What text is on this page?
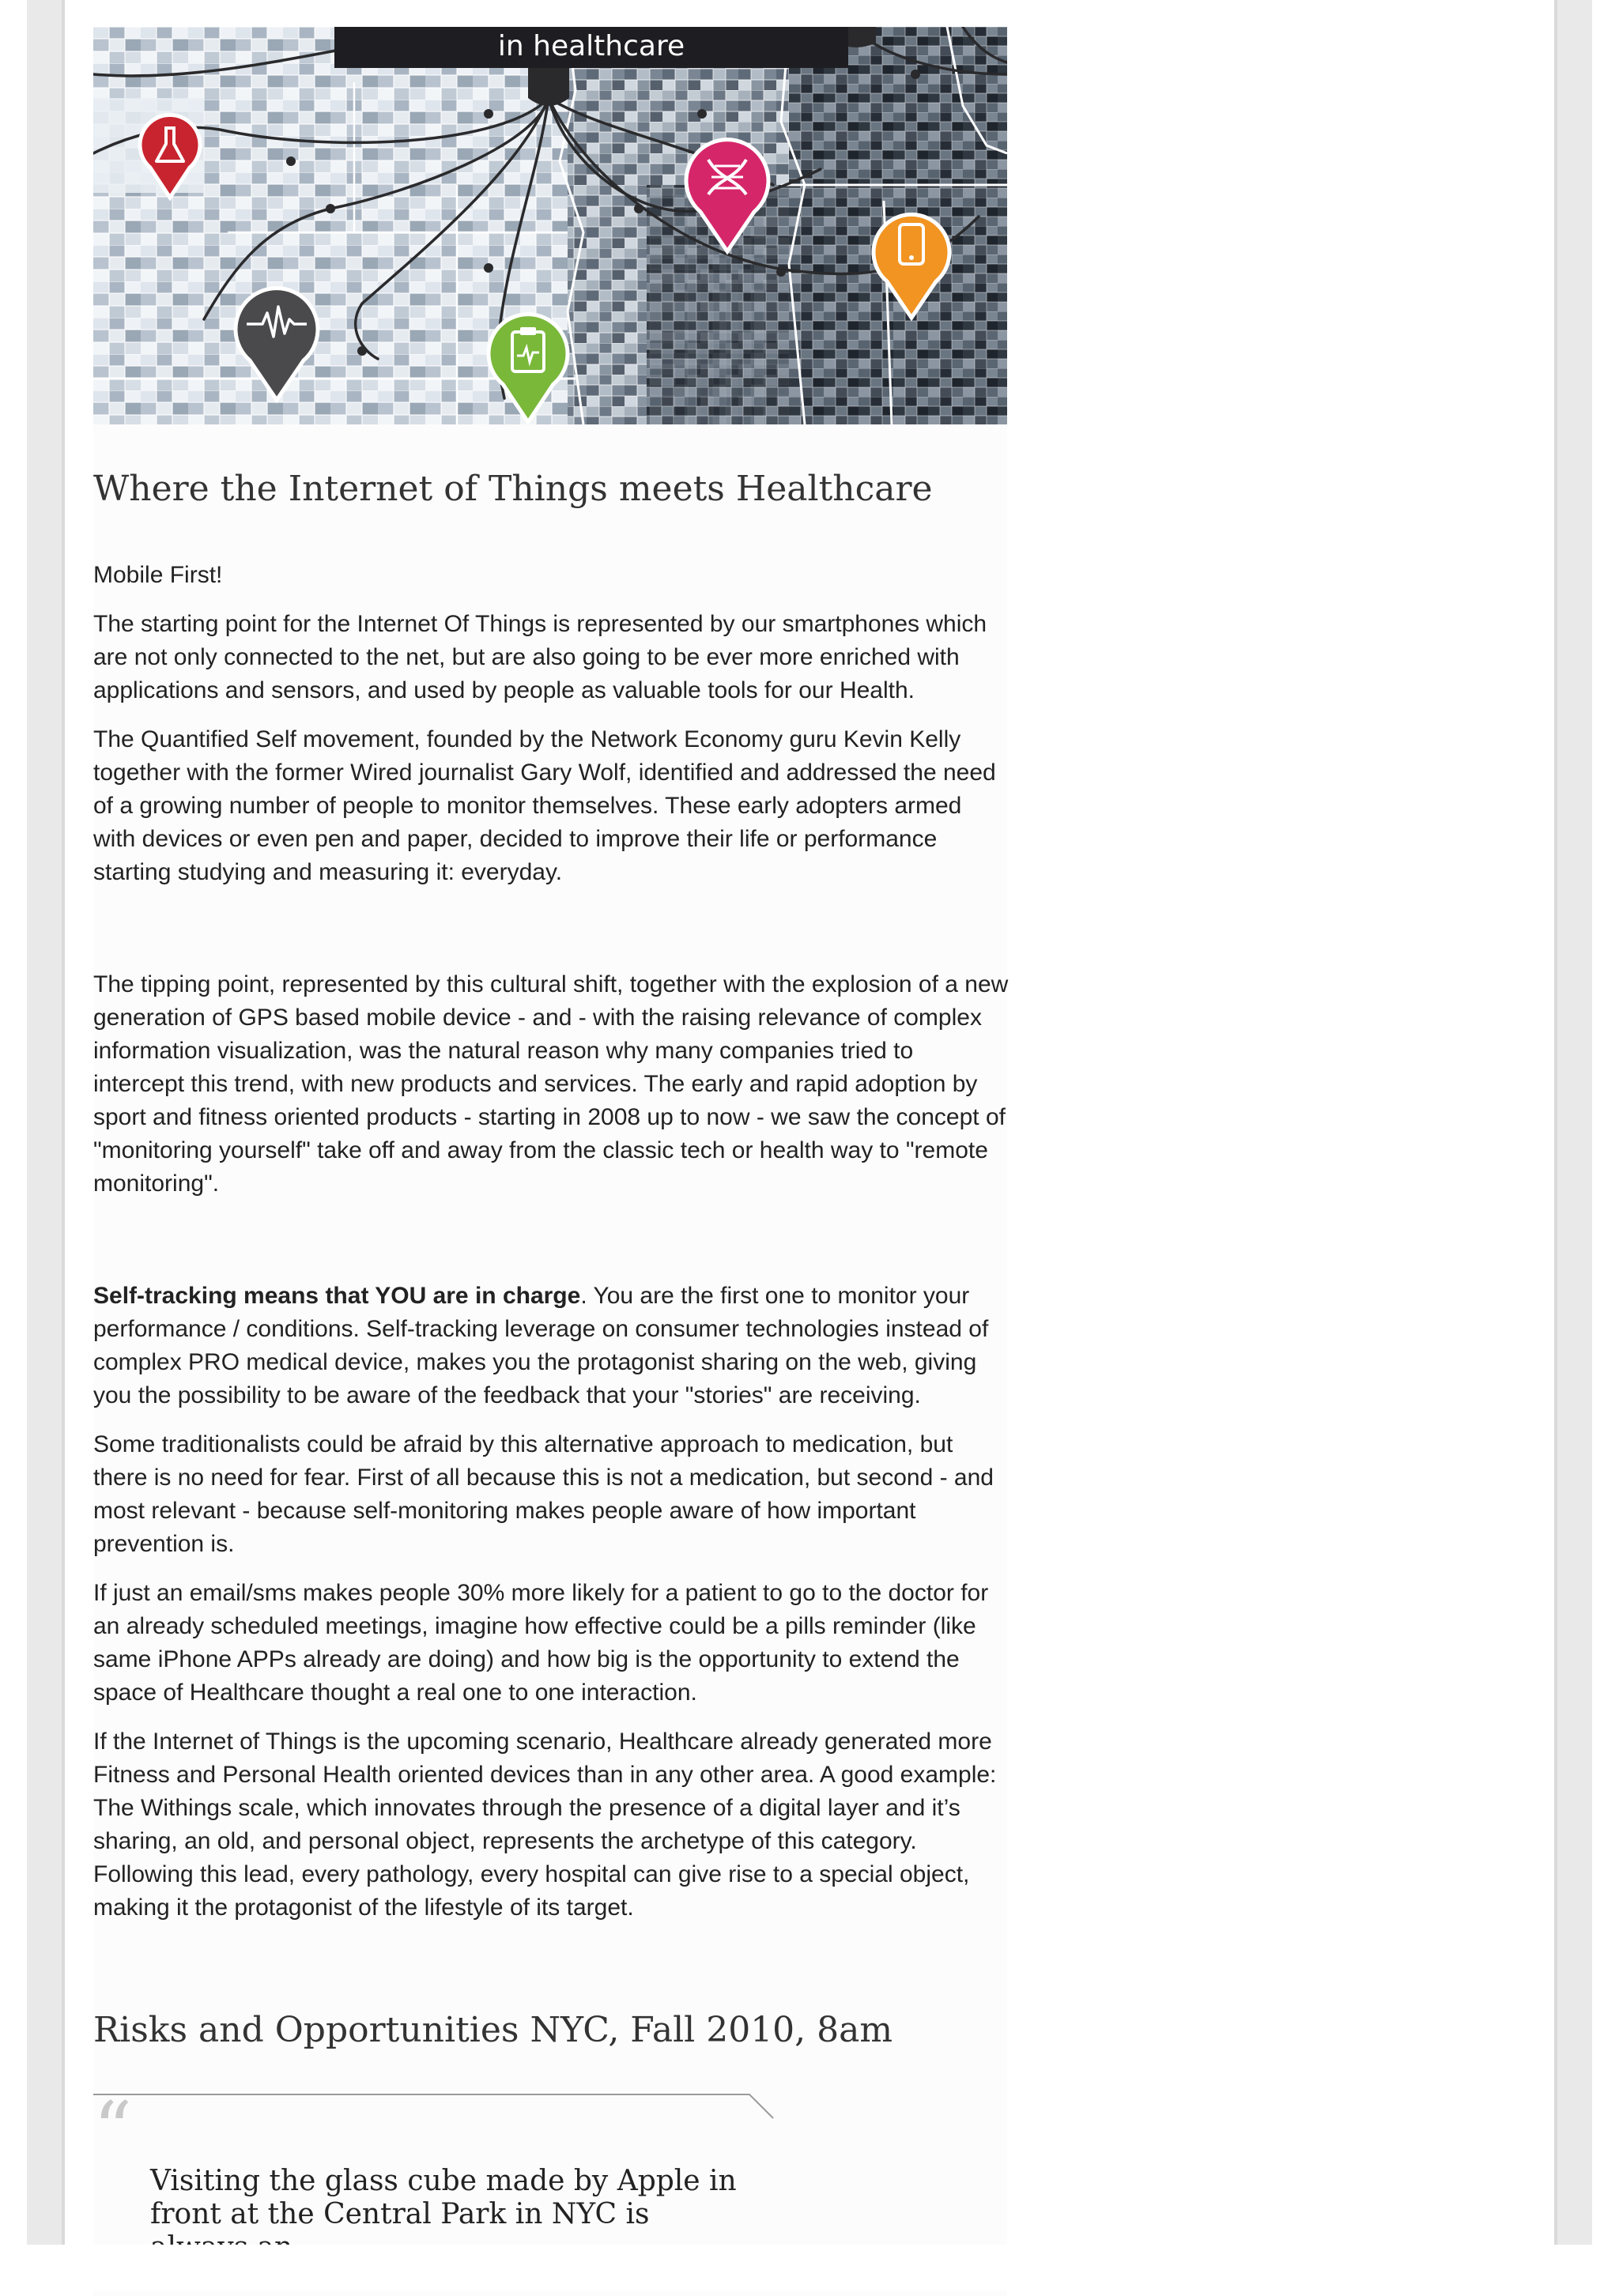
in healthcare
Where the Internet of Things meets Healthcare

Mobile First!

The starting point for the Internet Of Things is represented by our smartphones which are not only connected to the net, but are also going to be ever more enriched with applications and sensors, and used by people as valuable tools for our Health.

The Quantified Self movement, founded by the Network Economy guru Kevin Kelly together with the former Wired journalist Gary Wolf, identified and addressed the need of a growing number of people to monitor themselves. These early adopters armed with devices or even pen and paper, decided to improve their life or performance starting studying and measuring it: everyday.

The tipping point, represented by this cultural shift, together with the explosion of a new generation of GPS based mobile device - and - with the raising relevance of complex information visualization, was the natural reason why many companies tried to intercept this trend, with new products and services. The early and rapid adoption by sport and fitness oriented products - starting in 2008 up to now - we saw the concept of "monitoring yourself" take off and away from the classic tech or health way to "remote monitoring".

Self-tracking means that YOU are in charge. You are the first one to monitor your performance / conditions. Self-tracking leverage on consumer technologies instead of complex PRO medical device, makes you the protagonist sharing on the web, giving you the possibility to be aware of the feedback that your "stories" are receiving.

Some traditionalists could be afraid by this alternative approach to medication, but there is no need for fear. First of all because this is not a medication, but second - and most relevant - because self-monitoring makes people aware of how important prevention is.

If just an email/sms makes people 30% more likely for a patient to go to the doctor for an already scheduled meetings, imagine how effective could be a pills reminder (like same iPhone APPs already are doing) and how big is the opportunity to extend the space of Healthcare thought a real one to one interaction.

If the Internet of Things is the upcoming scenario, Healthcare already generated more Fitness and Personal Health oriented devices than in any other area. A good example: The Withings scale, which innovates through the presence of a digital layer and it’s sharing, an old, and personal object, represents the archetype of this category. Following this lead, every pathology, every hospital can give rise to a special object, making it the protagonist of the lifestyle of its target.

Risks and Opportunities NYC, Fall 2010, 8am
“
Visiting the glass cube made by Apple in front at the Central Park in NYC is
